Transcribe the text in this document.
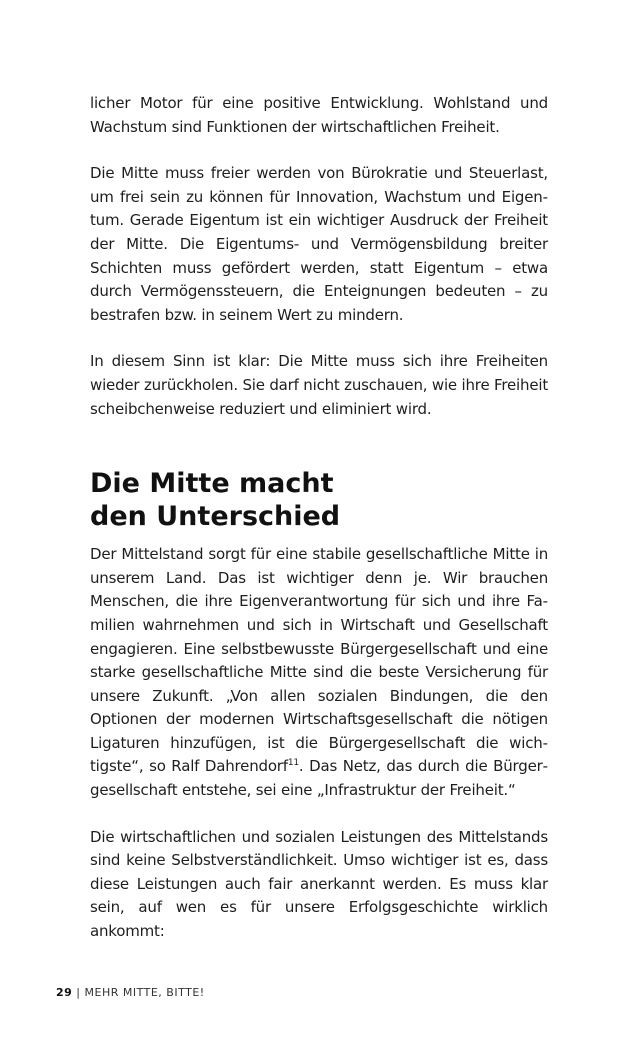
licher Motor für eine positive Entwicklung. Wohlstand und Wachstum sind Funktionen der wirtschaftlichen Freiheit.

Die Mitte muss freier werden von Bürokratie und Steuerlast, um frei sein zu können für Innovation, Wachstum und Eigentum. Gerade Eigentum ist ein wichtiger Ausdruck der Freiheit der Mitte. Die Eigentums- und Vermögensbildung breiter Schichten muss gefördert werden, statt Eigentum – etwa durch Vermögenssteuern, die Enteignungen bedeuten – zu bestrafen bzw. in seinem Wert zu mindern.

In diesem Sinn ist klar: Die Mitte muss sich ihre Freiheiten wieder zurückholen. Sie darf nicht zuschauen, wie ihre Freiheit scheibchenweise reduziert und eliminiert wird.

Die Mitte macht
den Unterschied

Der Mittelstand sorgt für eine stabile gesellschaftliche Mitte in unserem Land. Das ist wichtiger denn je. Wir brauchen Menschen, die ihre Eigenverantwortung für sich und ihre Familien wahrnehmen und sich in Wirtschaft und Gesellschaft engagieren. Eine selbstbewusste Bürgergesellschaft und eine starke gesellschaftliche Mitte sind die beste Versicherung für unsere Zukunft. „Von allen sozialen Bindungen, die den Optionen der modernen Wirtschaftsgesellschaft die nötigen Ligaturen hinzufügen, ist die Bürgergesellschaft die wichtigste“, so Ralf Dahrendorf$^{11}$. Das Netz, das durch die Bürgergesellschaft entstehe, sei eine „Infrastruktur der Freiheit.“

Die wirtschaftlichen und sozialen Leistungen des Mittelstands sind keine Selbstverständlichkeit. Umso wichtiger ist es, dass diese Leistungen auch fair anerkannt werden. Es muss klar sein, auf wen es für unsere Erfolgsgeschichte wirklich ankommt:

29 | MEHR MITTE, BITTE!
